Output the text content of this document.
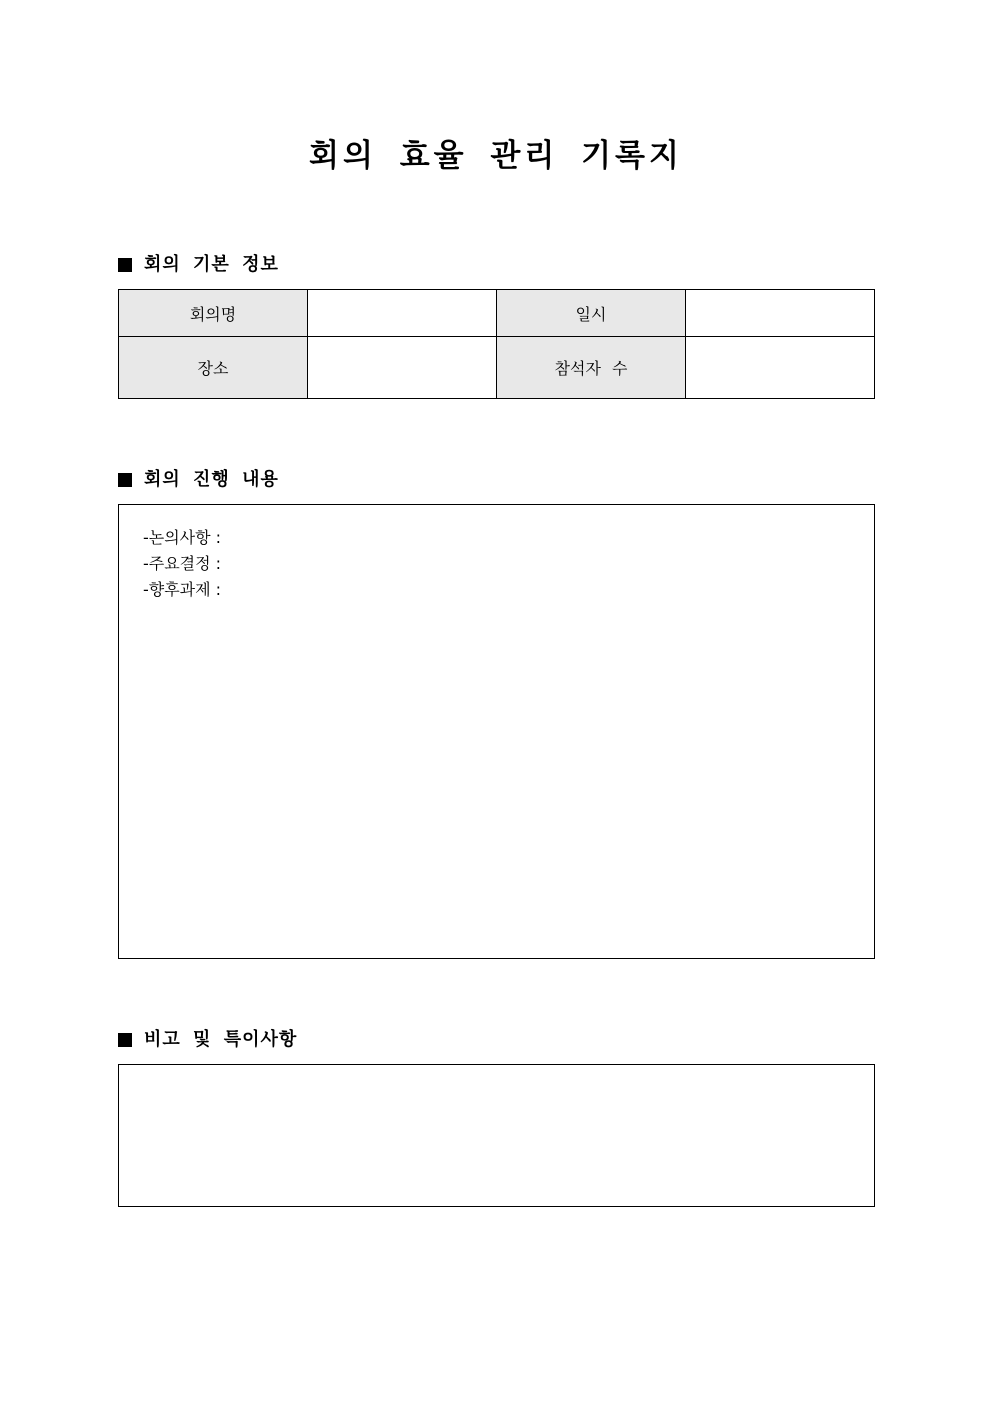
회의 효율 관리 기록지
회의 기본 정보
회의명		일시	
장소		참석자 수	
회의 진행 내용

-논의사항 :

-주요결정 :

-향후과제 :

비고 및 특이사항
